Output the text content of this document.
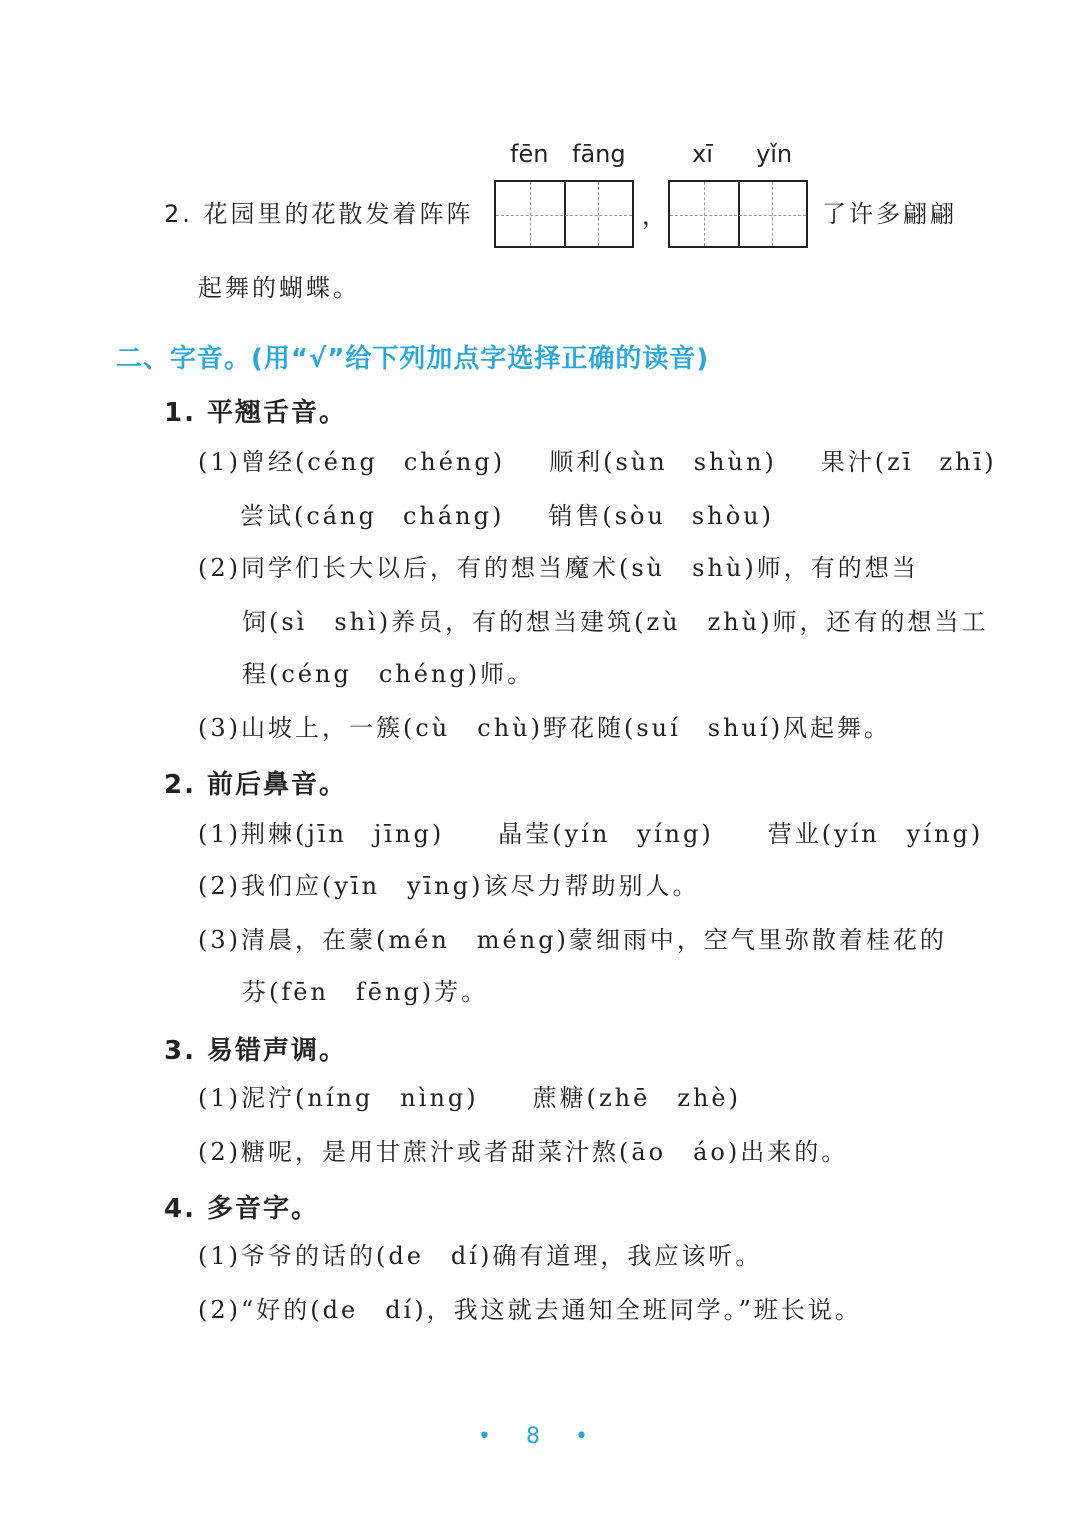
fēn fāng	xī yǐn
2. 花园里的花散发着阵阵	，	了许多翩翩
起舞的蝴蝶。
二、字音。(用“√”给下列加点字选择正确的读音)
1. 平翘舌音。
(1)曾经(céng chéng) 顺利(sùn shùn) 果汁(zī zhī)
尝试(cáng cháng) 销售(sòu shòu)
(2)同学们长大以后，有的想当魔术(sù　shù)师，有的想当
饲(sì　shì)养员，有的想当建筑(zù　zhù)师，还有的想当工
程(céng　chéng)师。
(3)山坡上，一簇(cù　chù)野花随(suí　shuí)风起舞。
2. 前后鼻音。
(1)荆棘(jīn　jīng)　　晶莹(yín　yíng)　　营业(yín　yíng)
(2)我们应(yīn　yīng)该尽力帮助别人。
(3)清晨，在蒙(mén　méng)蒙细雨中，空气里弥散着桂花的
芬(fēn　fēng)芳。
3. 易错声调。
(1)泥泞(níng　nìng)　　蔗糖(zhē　zhè)
(2)糖呢，是用甘蔗汁或者甜菜汁熬(āo　áo)出来的。
4. 多音字。
(1)爷爷的话的(de　dí)确有道理，我应该听。
(2)“好的(de　dí)，我这就去通知全班同学。”班长说。
• 8 •
